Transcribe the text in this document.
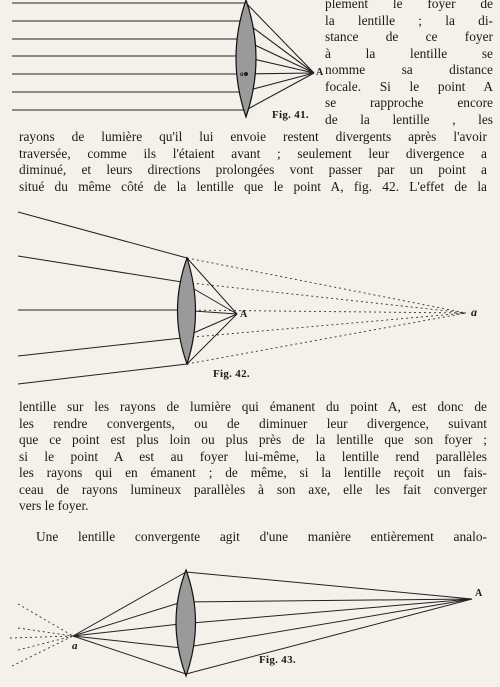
o	A
Fig. 41.
plement le foyer de
la lentille ; la di-
stance de ce foyer
à la lentille se
nomme sa distance
focale. Si le point A
se rapproche encore
de la lentille , les
rayons de lumière qu'il lui envoie restent divergents après l'avoir
traversée, comme ils l'étaient avant ; seulement leur divergence a
diminué, et leurs directions prolongées vont passer par un point a
situé du même côté de la lentille que le point A, fig. 42. L'effet de la
A	a
Fig. 42.
lentille sur les rayons de lumière qui émanent du point A, est donc de
les rendre convergents, ou de diminuer leur divergence, suivant
que ce point est plus loin ou plus près de la lentille que son foyer ;
si le point A est au foyer lui-même, la lentille rend parallèles
les rayons qui en émanent ; de même, si la lentille reçoit un fais-
ceau de rayons lumineux parallèles à son axe, elle les fait converger
vers le foyer.
Une lentille convergente agit d'une manière entièrement analo-
a
A
Fig. 43.
